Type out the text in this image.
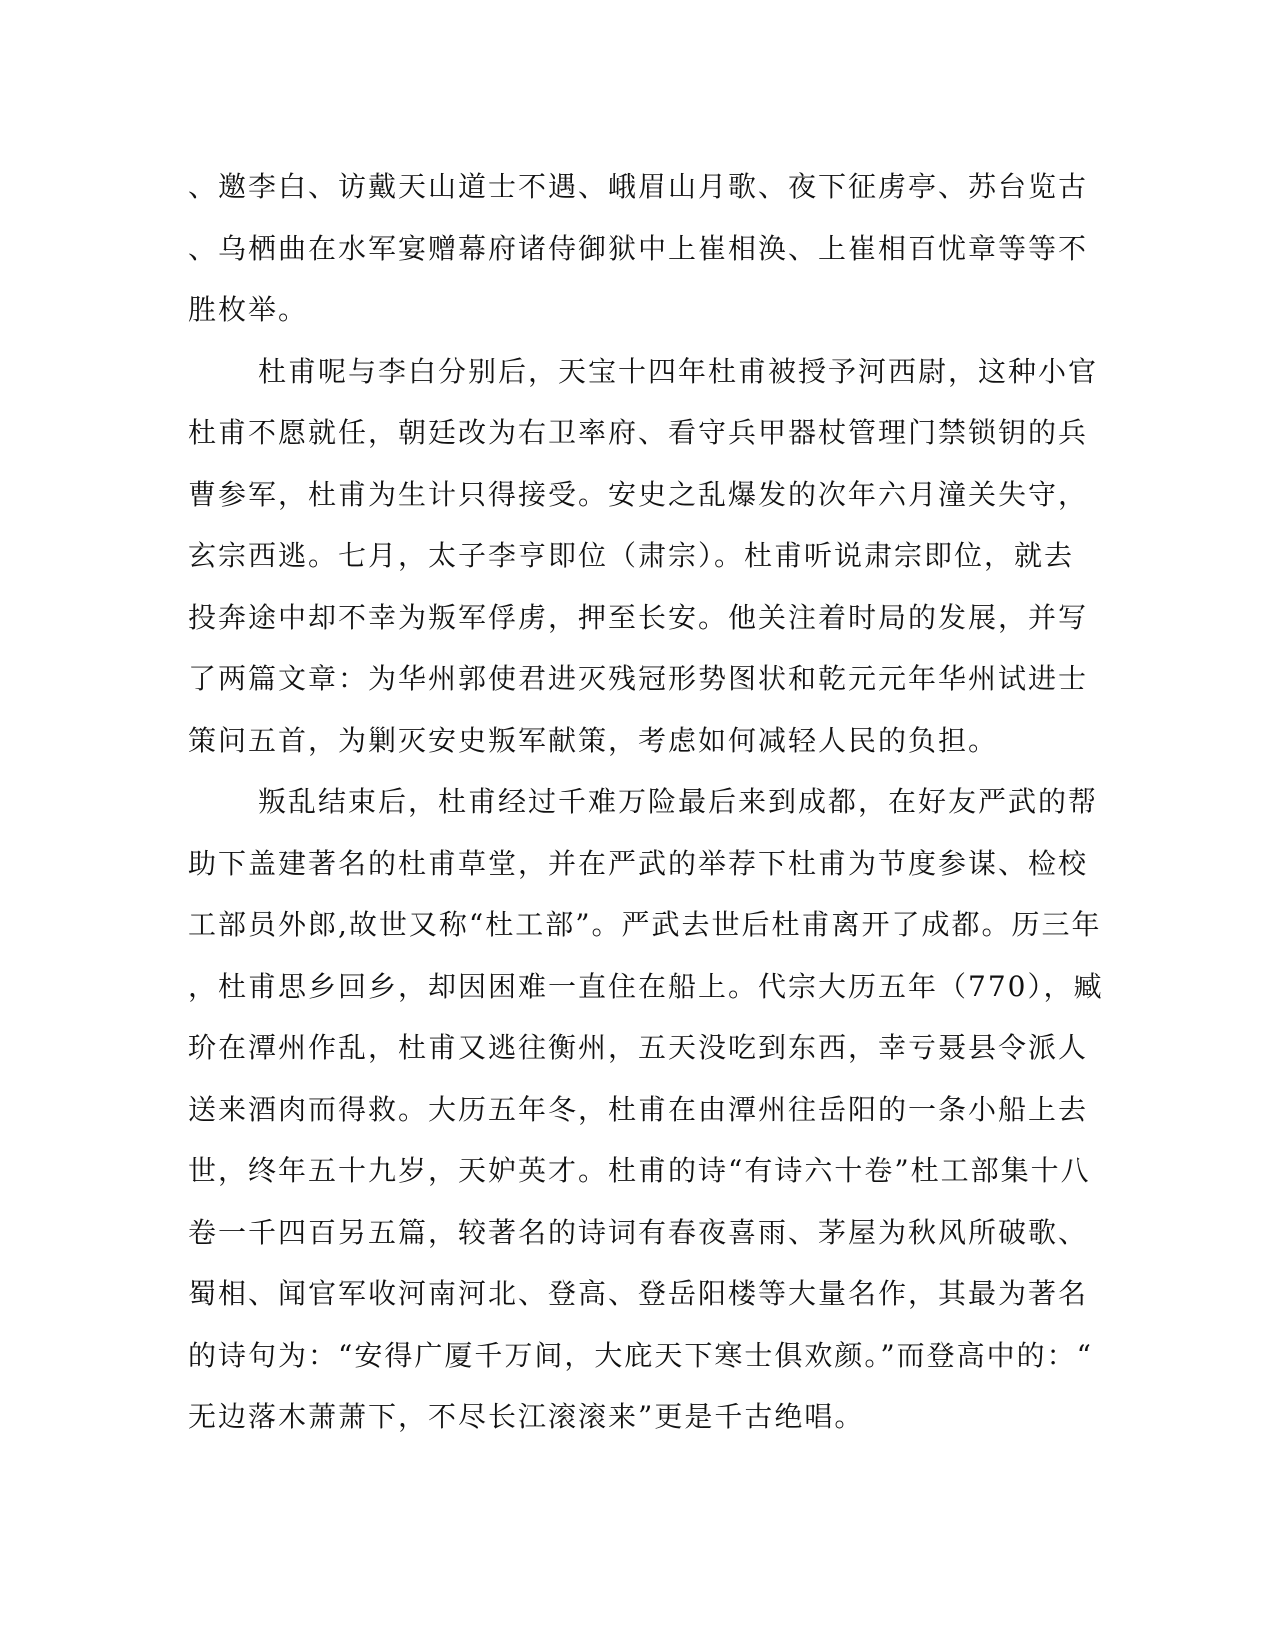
、邀李白、访戴天山道士不遇、峨眉山月歌、夜下征虏亭、苏台览古
、乌栖曲在水军宴赠幕府诸侍御狱中上崔相涣、上崔相百忧章等等不
胜枚举。
杜甫呢与李白分别后，天宝十四年杜甫被授予河西尉，这种小官
杜甫不愿就任，朝廷改为右卫率府、看守兵甲器杖管理门禁锁钥的兵
曹参军，杜甫为生计只得接受。安史之乱爆发的次年六月潼关失守，
玄宗西逃。七月，太子李亨即位（肃宗）。杜甫听说肃宗即位，就去
投奔途中却不幸为叛军俘虏，押至长安。他关注着时局的发展，并写
了两篇文章：为华州郭使君进灭残冠形势图状和乾元元年华州试进士
策问五首，为剿灭安史叛军献策，考虑如何减轻人民的负担。
叛乱结束后，杜甫经过千难万险最后来到成都，在好友严武的帮
助下盖建著名的杜甫草堂，并在严武的举荐下杜甫为节度参谋、检校
工部员外郎,故世又称“杜工部”。严武去世后杜甫离开了成都。历三年
，杜甫思乡回乡，却因困难一直住在船上。代宗大历五年（770），臧
玠在潭州作乱，杜甫又逃往衡州，五天没吃到东西，幸亏聂县令派人
送来酒肉而得救。大历五年冬，杜甫在由潭州往岳阳的一条小船上去
世，终年五十九岁，天妒英才。杜甫的诗“有诗六十卷”杜工部集十八
卷一千四百另五篇，较著名的诗词有春夜喜雨、茅屋为秋风所破歌、
蜀相、闻官军收河南河北、登高、登岳阳楼等大量名作，其最为著名
的诗句为：“安得广厦千万间，大庇天下寒士俱欢颜。”而登高中的：“
无边落木萧萧下，不尽长江滚滚来”更是千古绝唱。
